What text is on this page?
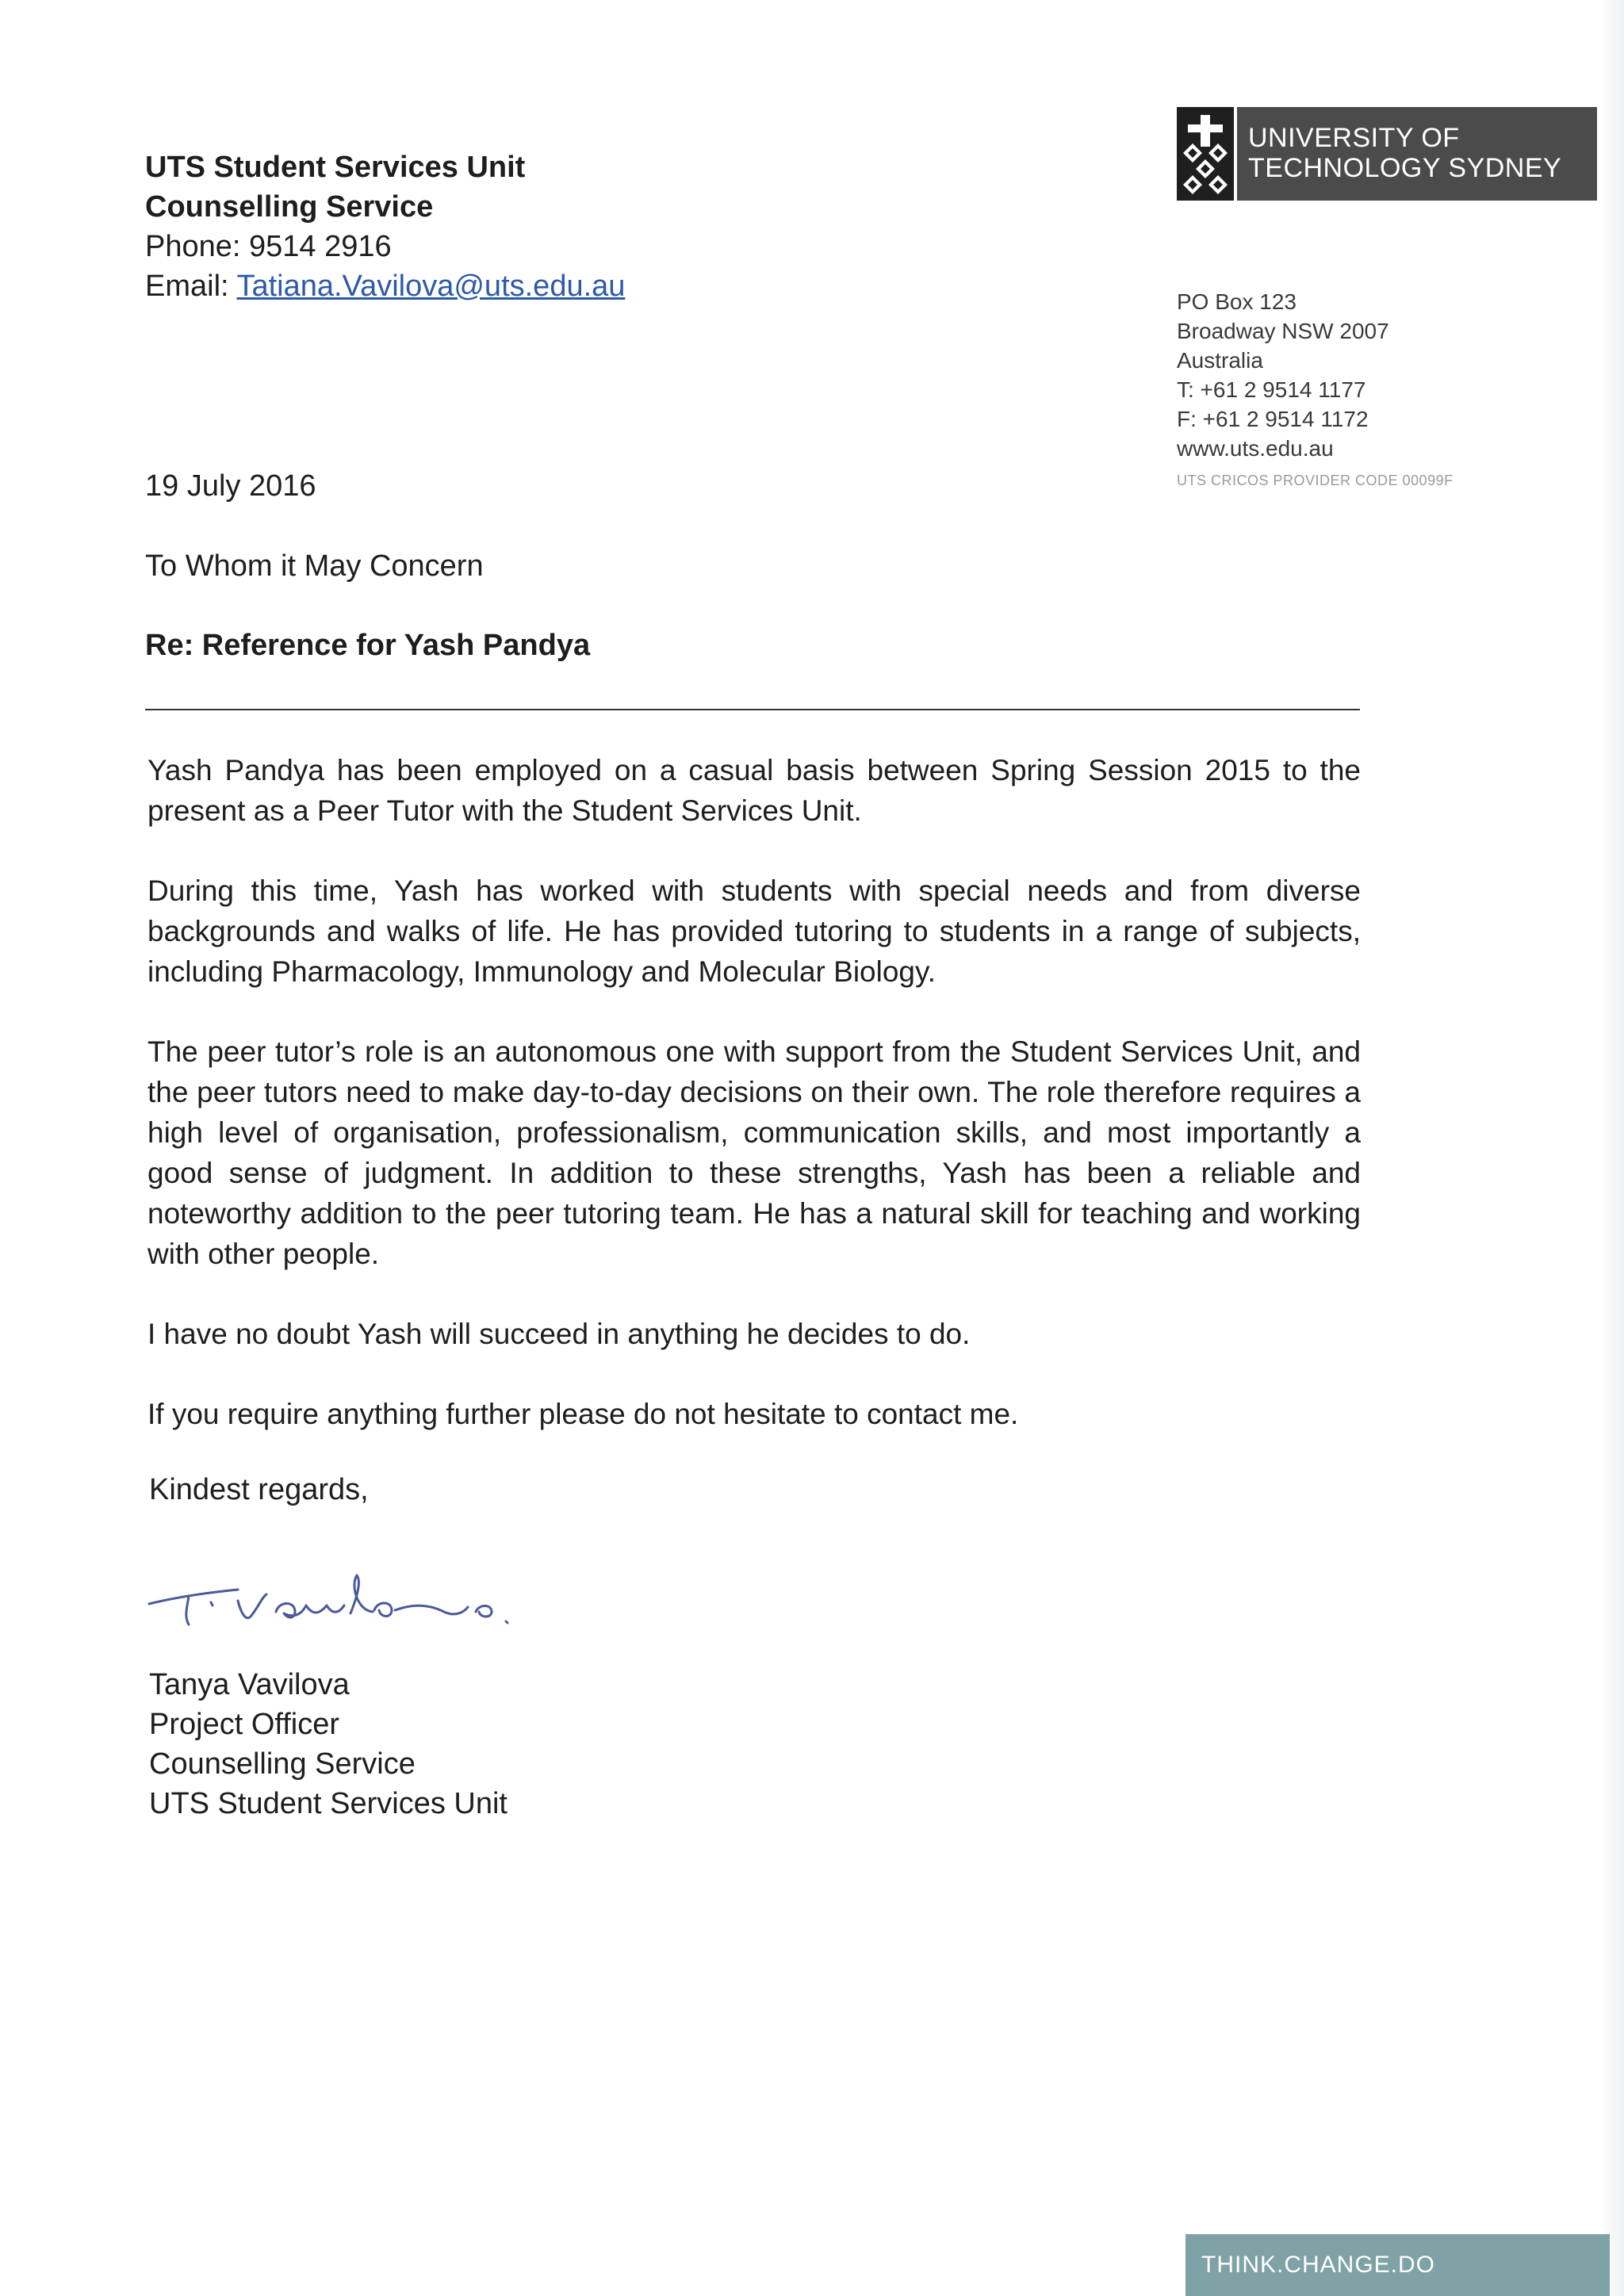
UTS Student Services Unit
Counselling Service
Phone: 9514 2916
Email: Tatiana.Vavilova@uts.edu.au
UNIVERSITY OF
TECHNOLOGY SYDNEY
PO Box 123
Broadway NSW 2007
Australia
T: +61 2 9514 1177
F: +61 2 9514 1172
www.uts.edu.au
UTS CRICOS PROVIDER CODE 00099F
19 July 2016
To Whom it May Concern
Re: Reference for Yash Pandya

Yash Pandya has been employed on a casual basis between Spring Session 2015 to the present as a Peer Tutor with the Student Services Unit.

During this time, Yash has worked with students with special needs and from diverse backgrounds and walks of life. He has provided tutoring to students in a range of subjects, including Pharmacology, Immunology and Molecular Biology.

The peer tutor’s role is an autonomous one with support from the Student Services Unit, and the peer tutors need to make day-to-day decisions on their own. The role therefore requires a high level of organisation, professionalism, communication skills, and most importantly a good sense of judgment. In addition to these strengths, Yash has been a reliable and noteworthy addition to the peer tutoring team. He has a natural skill for teaching and working with other people.

I have no doubt Yash will succeed in anything he decides to do.

If you require anything further please do not hesitate to contact me.

Kindest regards,
Tanya Vavilova
Project Officer
Counselling Service
UTS Student Services Unit
THINK.CHANGE.DO
